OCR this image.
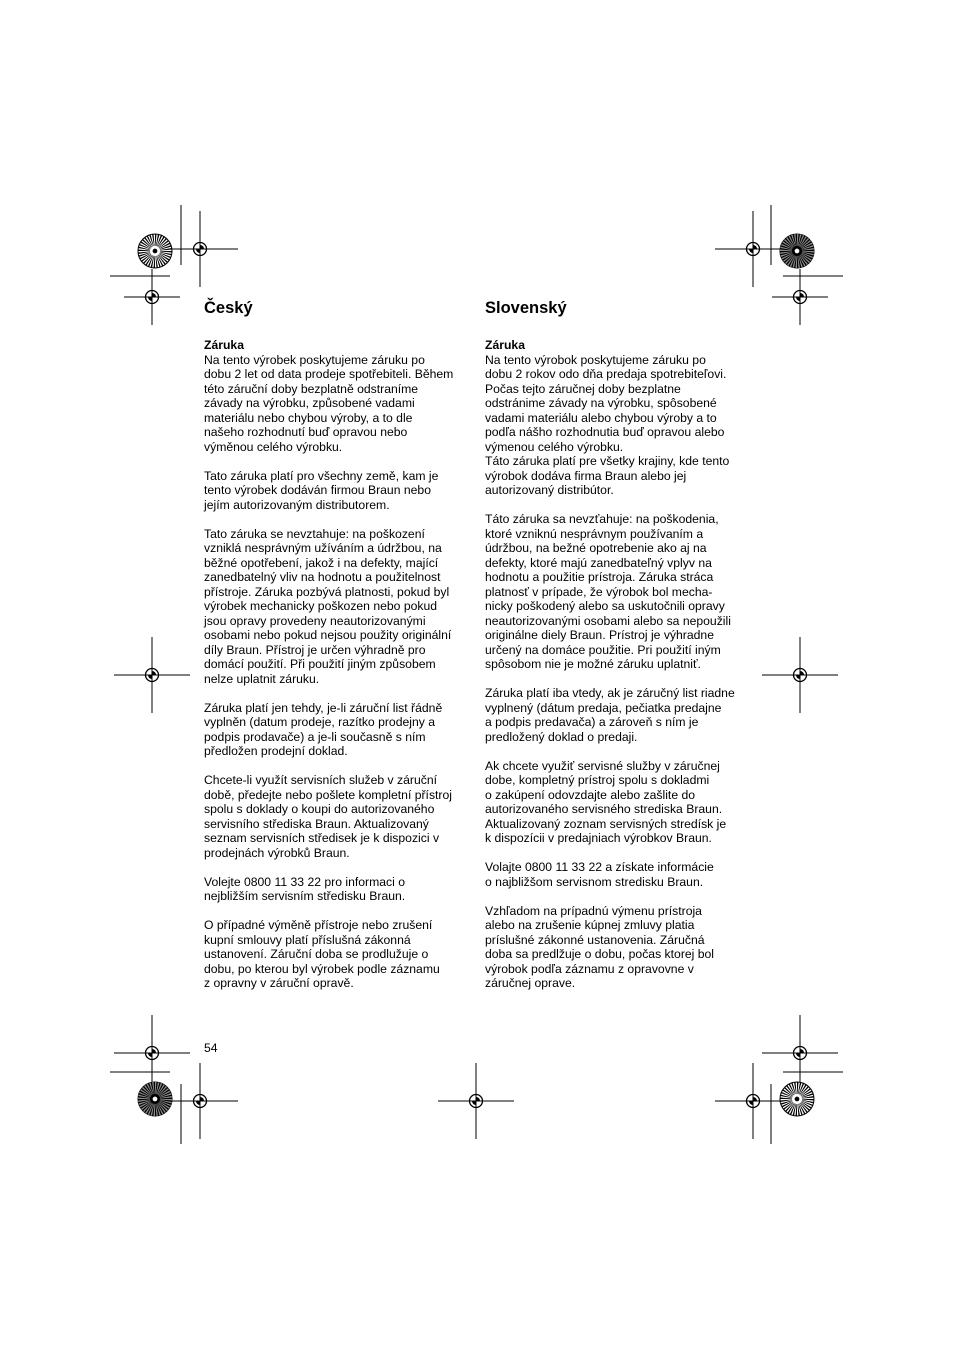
Český
Záruka

Na tento výrobek poskytujeme záruku po
dobu 2 let od data prodeje spotřebiteli. Během
této záruční doby bezplatně odstraníme
závady na výrobku, způsobené vadami
materiálu nebo chybou výroby, a to dle
našeho rozhodnutí buď opravou nebo
výměnou celého výrobku.

Tato záruka platí pro všechny země, kam je
tento výrobek dodáván firmou Braun nebo
jejím autorizovaným distributorem.

Tato záruka se nevztahuje: na poškození
vzniklá nesprávným užíváním a údržbou, na
běžné opotřebení, jakož i na defekty, mající
zanedbatelný vliv na hodnotu a použitelnost
přístroje. Záruka pozbývá platnosti, pokud byl
výrobek mechanicky poškozen nebo pokud
jsou opravy provedeny neautorizovanými
osobami nebo pokud nejsou použity originální
díly Braun. Přístroj je určen výhradně pro
domácí použití. Při použití jiným způsobem
nelze uplatnit záruku.

Záruka platí jen tehdy, je-li záruční list řádně
vyplněn (datum prodeje, razítko prodejny a
podpis prodavače) a je-li současně s ním
předložen prodejní doklad.

Chcete-li využít servisních služeb v záruční
době, předejte nebo pošlete kompletní přístroj
spolu s doklady o koupi do autorizovaného
servisního střediska Braun. Aktualizovaný
seznam servisních středisek je k dispozici v
prodejnách výrobků Braun.

Volejte 0800 11 33 22 pro informaci o
nejbližším servisním středisku Braun.

O případné výměně přístroje nebo zrušení
kupní smlouvy platí příslušná zákonná
ustanovení. Záruční doba se prodlužuje o
dobu, po kterou byl výrobek podle záznamu
z opravny v záruční opravě.

Slovenský
Záruka

Na tento výrobok poskytujeme záruku po
dobu 2 rokov odo dňa predaja spotrebiteľovi.
Počas tejto záručnej doby bezplatne
odstránime závady na výrobku, spôsobené
vadami materiálu alebo chybou výroby a to
podľa nášho rozhodnutia buď opravou alebo
výmenou celého výrobku.
Táto záruka platí pre všetky krajiny, kde tento
výrobok dodáva firma Braun alebo jej
autorizovaný distribútor.

Táto záruka sa nevzťahuje: na poškodenia,
ktoré vzniknú nesprávnym používaním a
údržbou, na bežné opotrebenie ako aj na
defekty, ktoré majú zanedbateľný vplyv na
hodnotu a použitie prístroja. Záruka stráca
platnosť v prípade, že výrobok bol mecha-
nicky poškodený alebo sa uskutočnili opravy
neautorizovanými osobami alebo sa nepoužili
originálne diely Braun. Prístroj je výhradne
určený na domáce použitie. Pri použití iným
spôsobom nie je možné záruku uplatniť.

Záruka platí iba vtedy, ak je záručný list riadne
vyplnený (dátum predaja, pečiatka predajne
a podpis predavača) a zároveň s ním je
predložený doklad o predaji.

Ak chcete využiť servisné služby v záručnej
dobe, kompletný prístroj spolu s dokladmi
o zakúpení odovzdajte alebo zašlite do
autorizovaného servisného strediska Braun.
Aktualizovaný zoznam servisných stredísk je
k dispozícii v predajniach výrobkov Braun.

Volajte 0800 11 33 22 a získate informácie
o najbližšom servisnom stredisku Braun.

Vzhľadom na prípadnú výmenu prístroja
alebo na zrušenie kúpnej zmluvy platia
príslušné zákonné ustanovenia. Záručná
doba sa predlžuje o dobu, počas ktorej bol
výrobok podľa záznamu z opravovne v
záručnej oprave.

54
